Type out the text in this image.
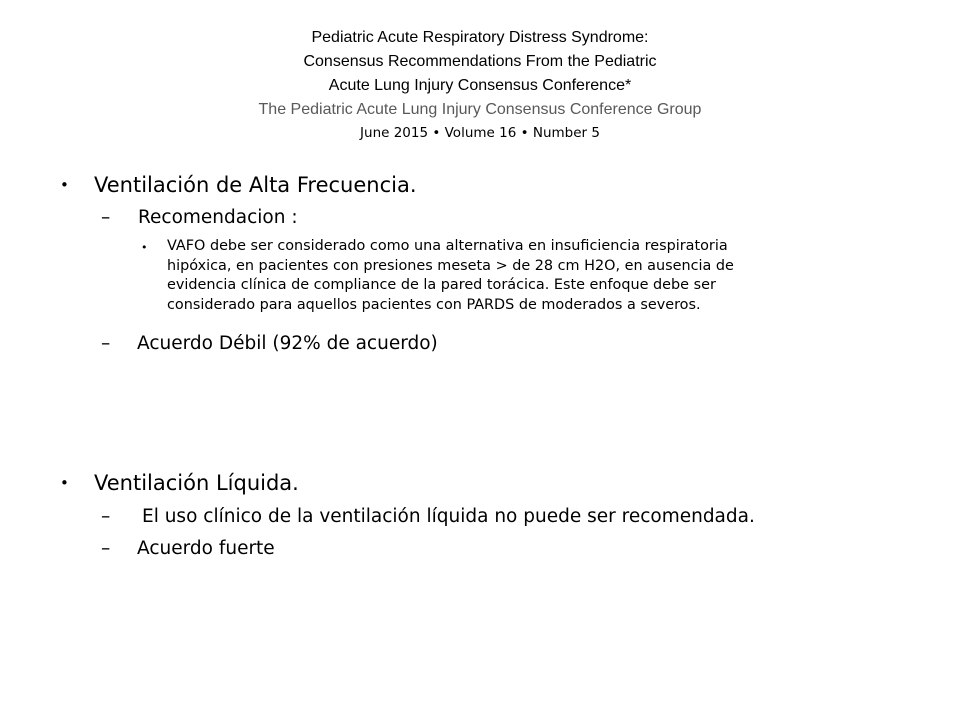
Pediatric Acute Respiratory Distress Syndrome:
Consensus Recommendations From the Pediatric
Acute Lung Injury Consensus Conference*
The Pediatric Acute Lung Injury Consensus Conference Group
June 2015 • Volume 16 • Number 5
• Ventilación de Alta Frecuencia.
– Recomendacion :
• VAFO debe ser considerado como una alternativa en insuficiencia respiratoria
hipóxica, en pacientes con presiones meseta > de 28 cm H2O, en ausencia de
evidencia clínica de compliance de la pared torácica. Este enfoque debe ser
considerado para aquellos pacientes con PARDS de moderados a severos.
– Acuerdo Débil (92% de acuerdo)
• Ventilación Líquida.
– El uso clínico de la ventilación líquida no puede ser recomendada.
– Acuerdo fuerte
